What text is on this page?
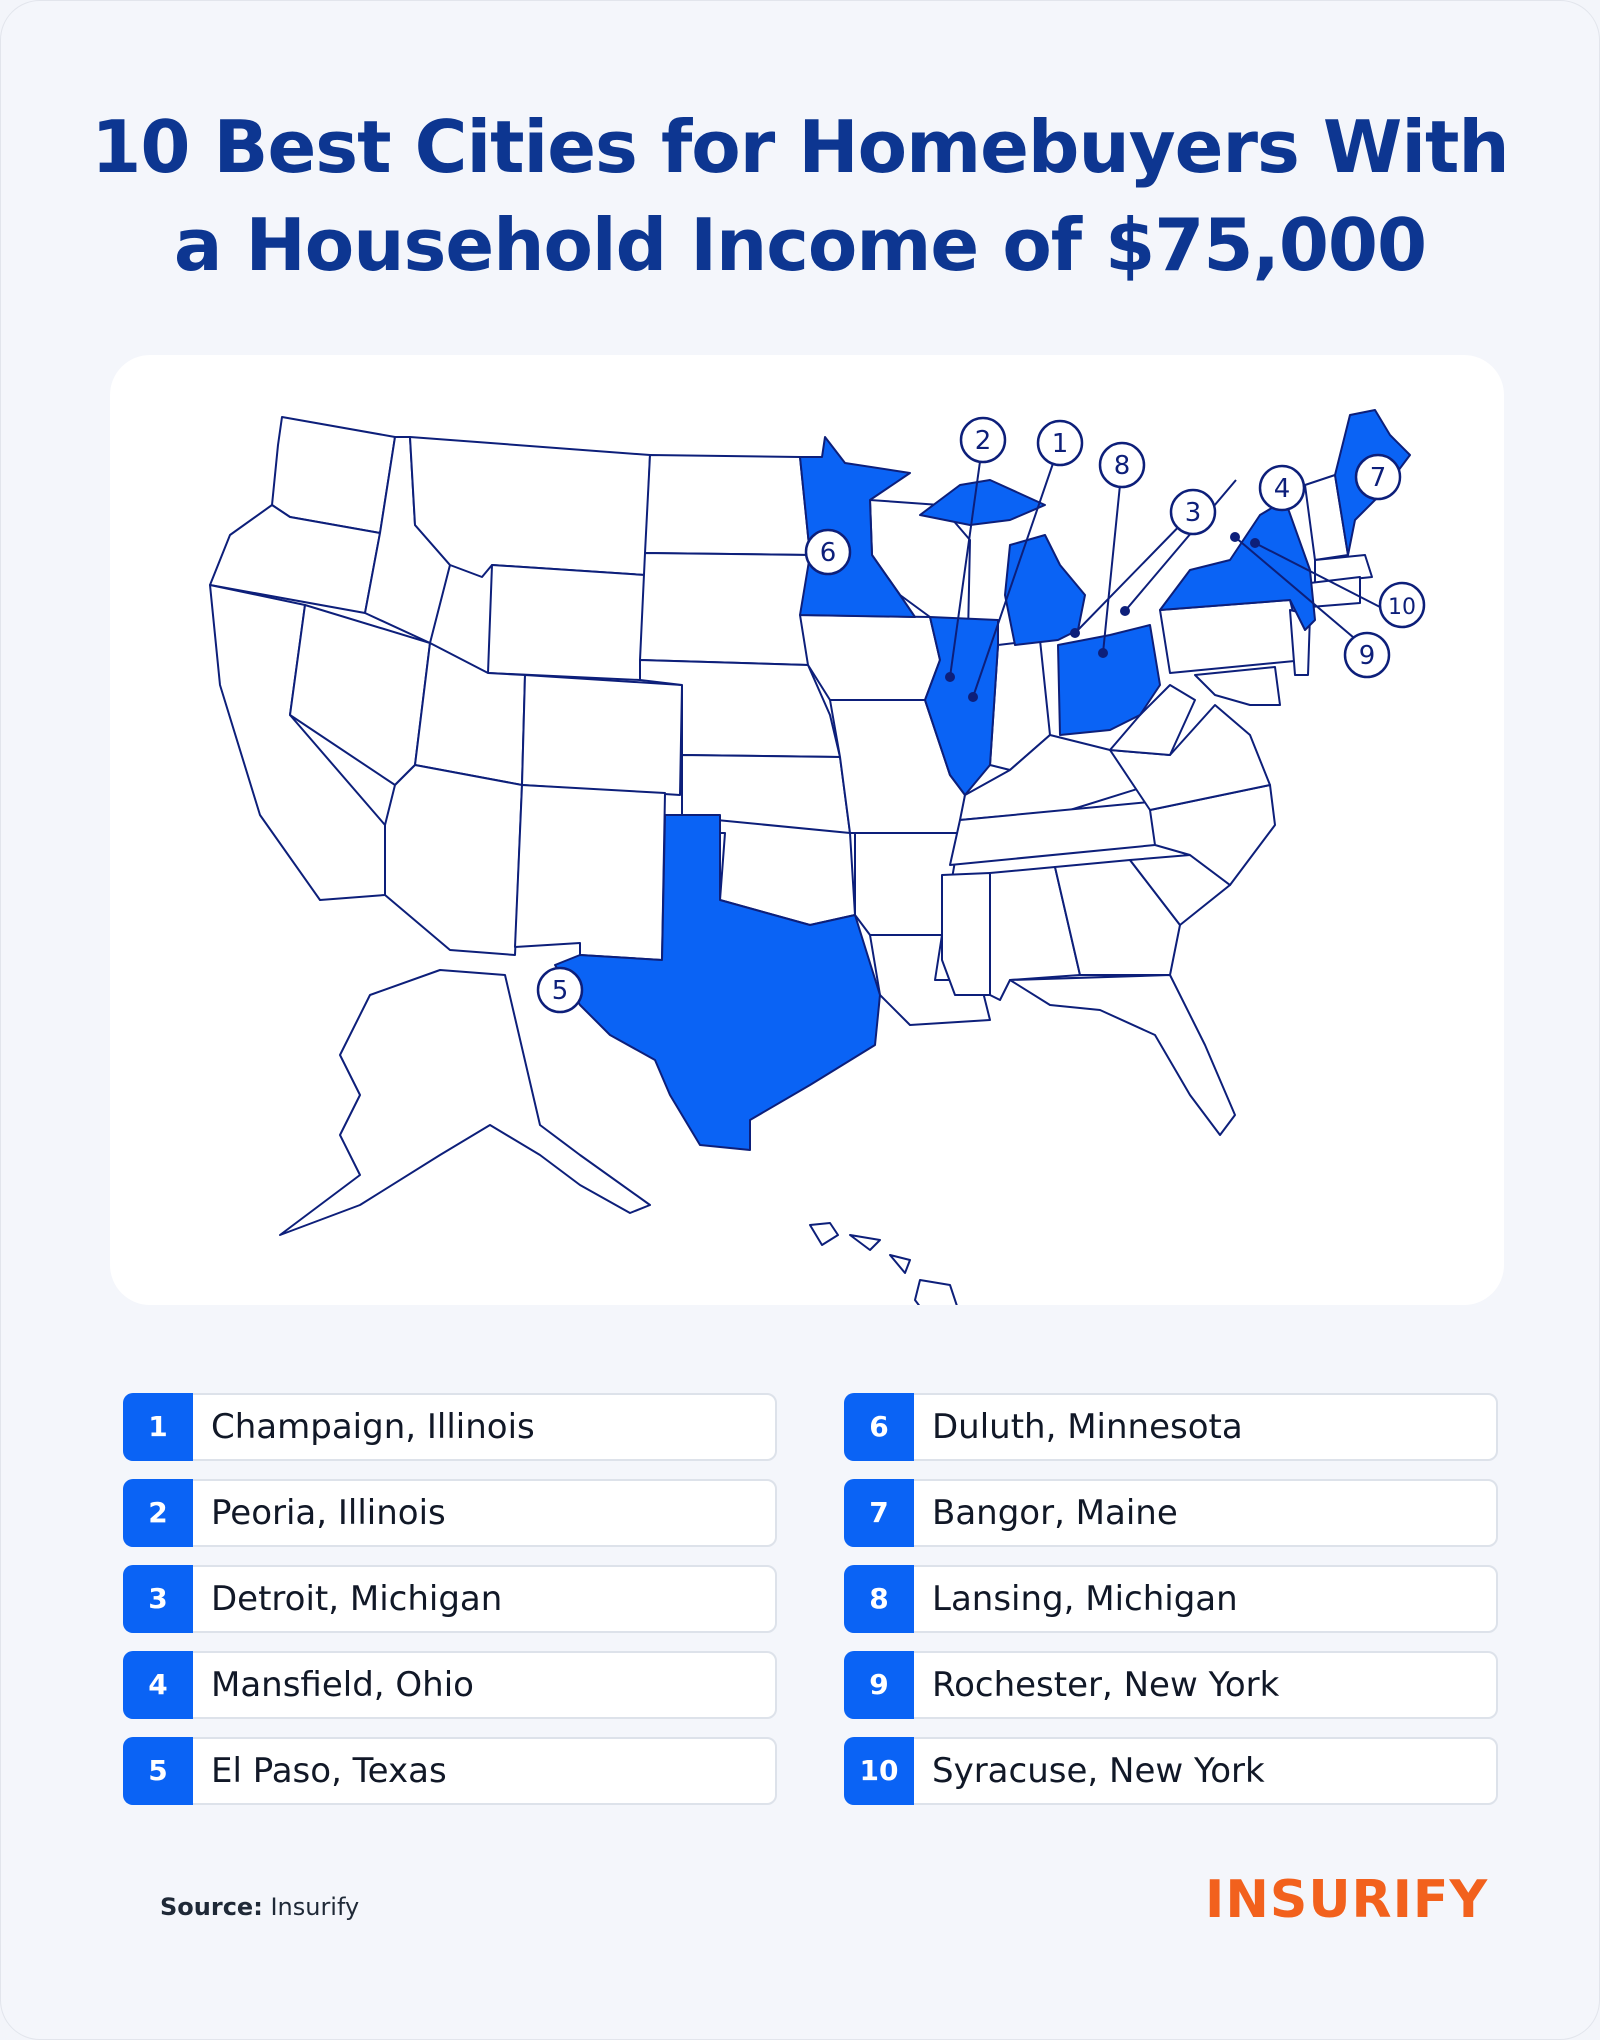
10 Best Cities for Homebuyers With
a Household Income of $75,000
1
2
3
4
5
6
7
8
9
10
1	Champaign, Illinois
2	Peoria, Illinois
3	Detroit, Michigan
4	Mansfield, Ohio
5	El Paso, Texas
6	Duluth, Minnesota
7	Bangor, Maine
8	Lansing, Michigan
9	Rochester, New York
10 Syracuse, New York
Source: Insurify	INSURIFY
